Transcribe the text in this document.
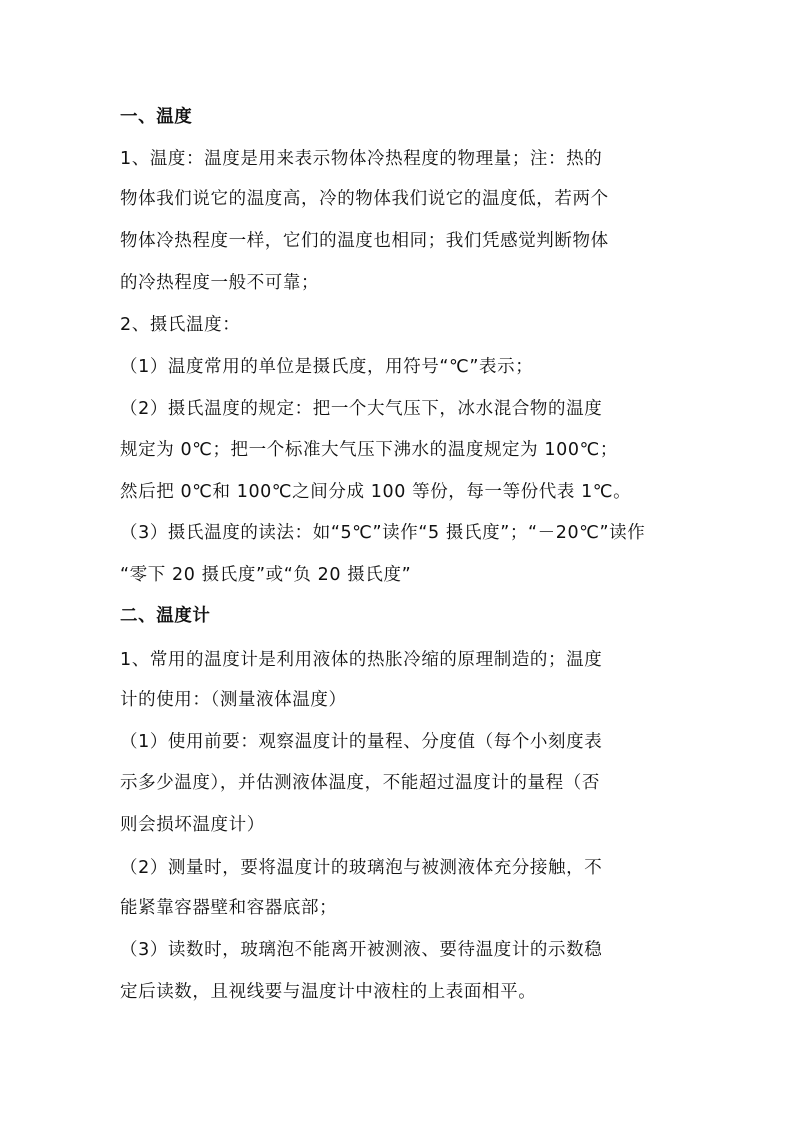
一、温度
1、温度：温度是用来表示物体冷热程度的物理量；注：热的
物体我们说它的温度高，冷的物体我们说它的温度低，若两个
物体冷热程度一样，它们的温度也相同；我们凭感觉判断物体
的冷热程度一般不可靠；
2、摄氏温度：
（1）温度常用的单位是摄氏度，用符号“℃”表示；
（2）摄氏温度的规定：把一个大气压下，冰水混合物的温度
规定为 0℃；把一个标准大气压下沸水的温度规定为 100℃；
然后把 0℃和 100℃之间分成 100 等份，每一等份代表 1℃。
（3）摄氏温度的读法：如“5℃”读作“5 摄氏度”；“－20℃”读作
“零下 20 摄氏度”或“负 20 摄氏度”
二、温度计
1、常用的温度计是利用液体的热胀冷缩的原理制造的；温度
计的使用：（测量液体温度）
（1）使用前要：观察温度计的量程、分度值（每个小刻度表
示多少温度），并估测液体温度，不能超过温度计的量程（否
则会损坏温度计）
（2）测量时，要将温度计的玻璃泡与被测液体充分接触，不
能紧靠容器壁和容器底部；
（3）读数时，玻璃泡不能离开被测液、要待温度计的示数稳
定后读数，且视线要与温度计中液柱的上表面相平。
